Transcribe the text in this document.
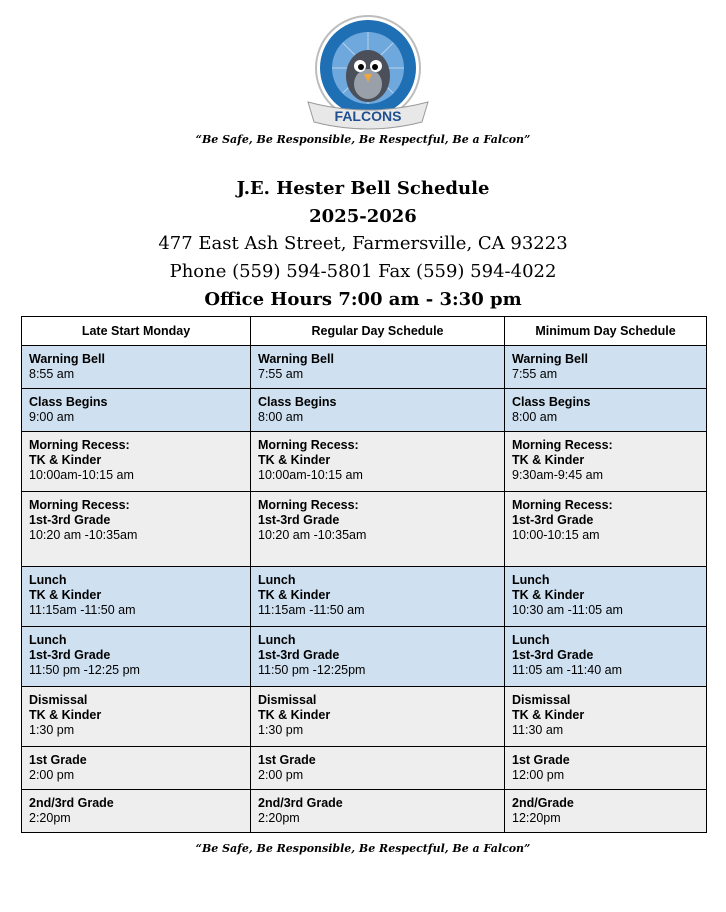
FALCONS
“Be Safe, Be Responsible, Be Respectful, Be a Falcon”
J.E. Hester Bell Schedule
2025-2026
477 East Ash Street, Farmersville, CA 93223
Phone (559) 594-5801 Fax (559) 594-4022
Office Hours 7:00 am - 3:30 pm
Late Start Monday	Regular Day Schedule	Minimum Day Schedule

Warning Bell
8:55 am	Warning Bell
7:55 am	Warning Bell
7:55 am

Class Begins
9:00 am	Class Begins
8:00 am	Class Begins
8:00 am

Morning Recess:
TK & Kinder
10:00am-10:15 am	Morning Recess:
TK & Kinder
10:00am-10:15 am	Morning Recess:
TK & Kinder
9:30am-9:45 am

Morning Recess:
1st-3rd Grade
10:20 am -10:35am	Morning Recess:
1st-3rd Grade
10:20 am -10:35am	Morning Recess:
1st-3rd Grade
10:00-10:15 am

Lunch
TK & Kinder
11:15am -11:50 am	Lunch
TK & Kinder
11:15am -11:50 am	Lunch
TK & Kinder
10:30 am -11:05 am

Lunch
1st-3rd Grade
11:50 pm -12:25 pm	Lunch
1st-3rd Grade
11:50 pm -12:25pm	Lunch
1st-3rd Grade
11:05 am -11:40 am

Dismissal
TK & Kinder
1:30 pm	Dismissal
TK & Kinder
1:30 pm	Dismissal
TK & Kinder
11:30 am

1st Grade
2:00 pm	1st Grade
2:00 pm	1st Grade
12:00 pm

2nd/3rd Grade
2:20pm	2nd/3rd Grade
2:20pm	2nd/Grade
12:20pm
“Be Safe, Be Responsible, Be Respectful, Be a Falcon”
